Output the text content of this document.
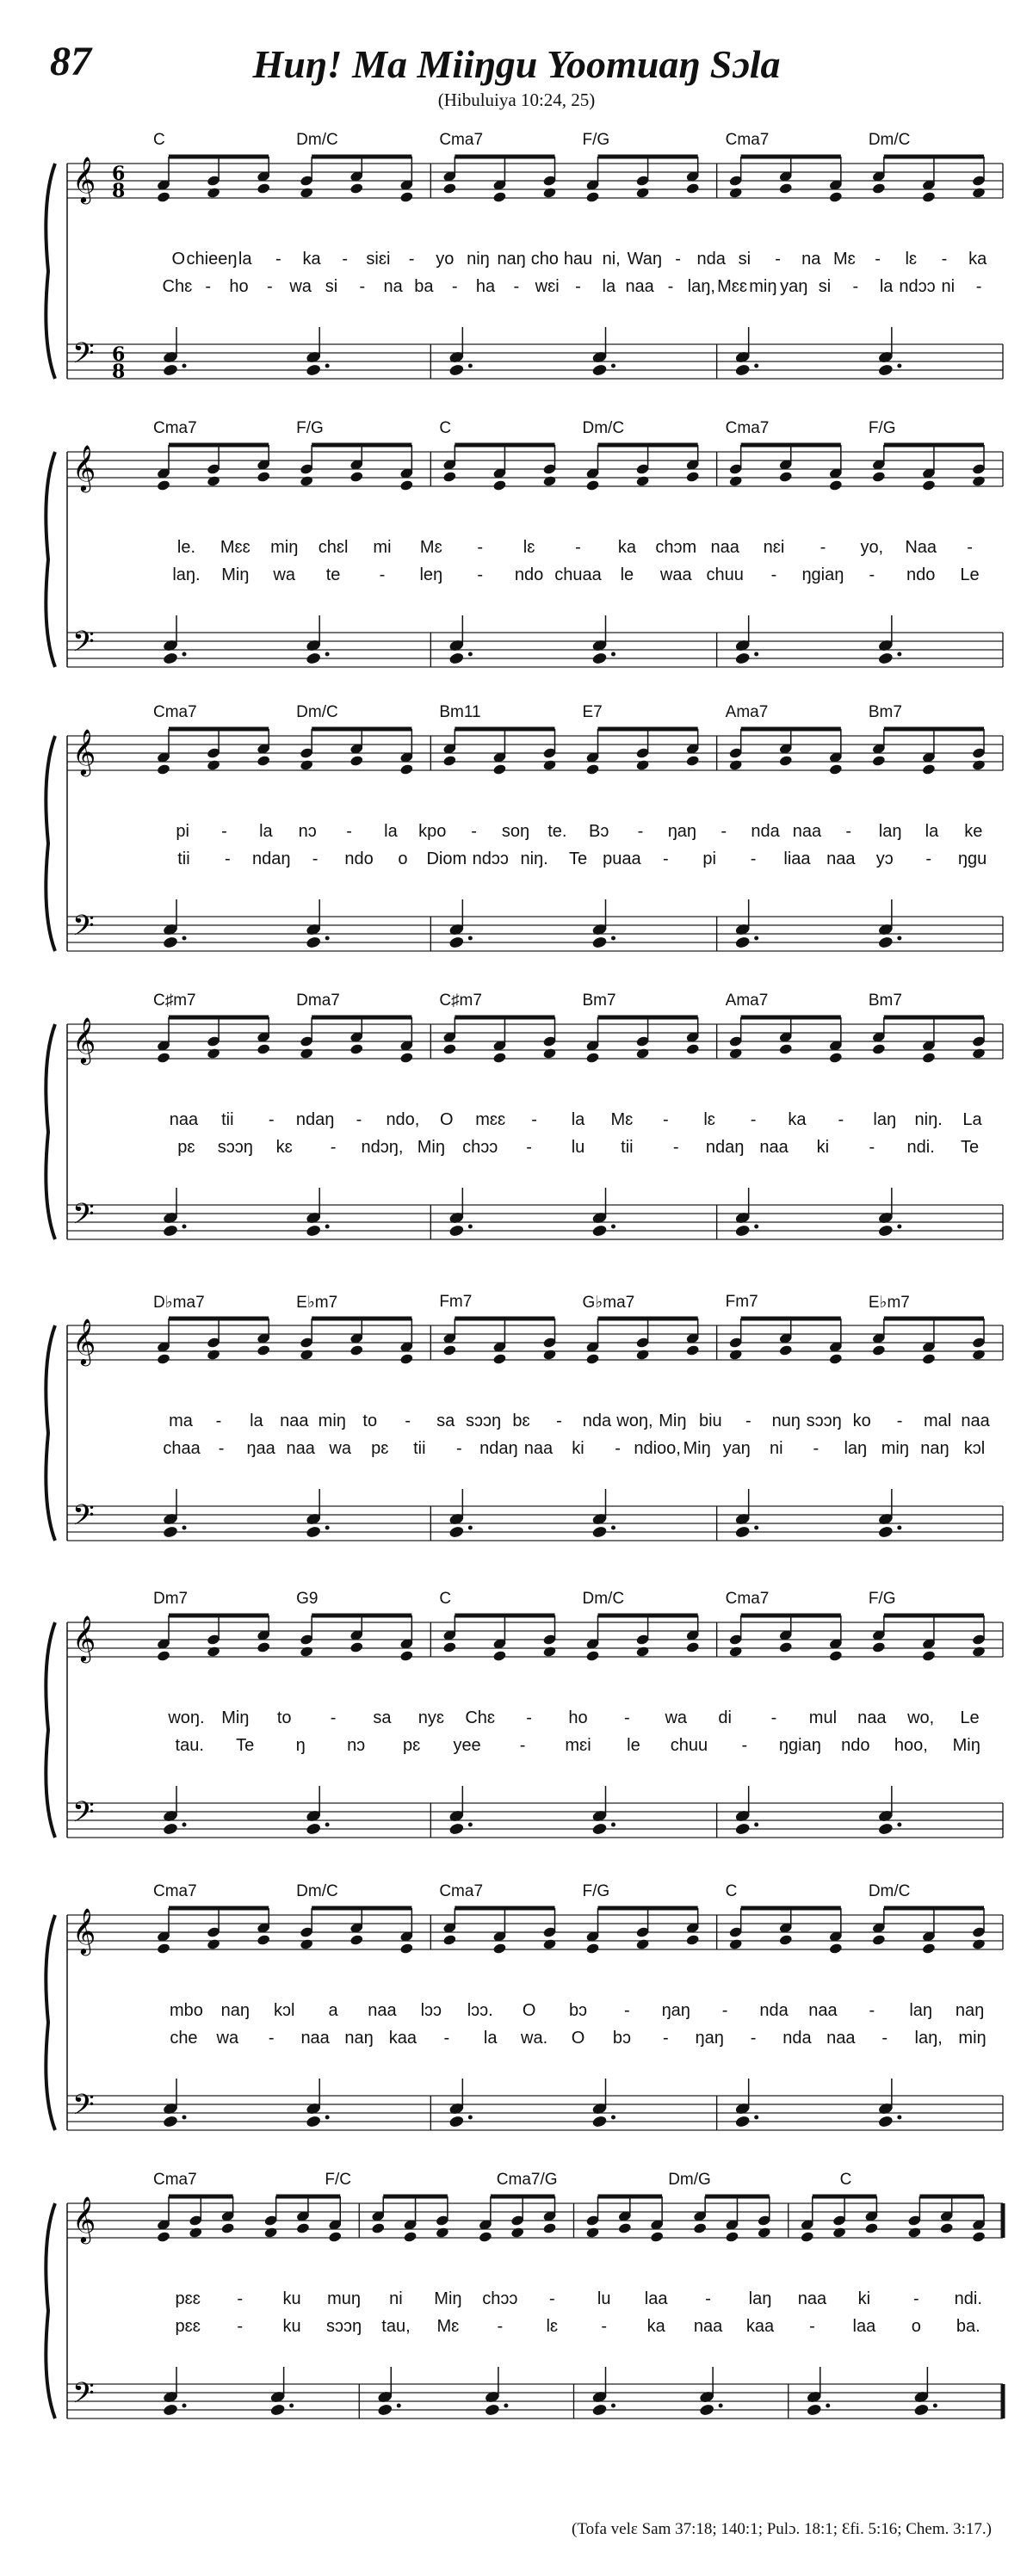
87	Huŋ! Ma Miiŋgu Yoomuaŋ Sɔla
(Hibuluiya 10:24, 25)
𝄞
𝄢
6
8
6
8
C	Dm/C	Cma7	F/G	Cma7	Dm/C
O chieeŋ la - ka - siɛi - yo niŋ naŋ cho hau ni, Waŋ - nda si - na Mɛ - lɛ - ka
Chɛ - ho - wa si - na ba - ha - wɛi - la naa - laŋ, Mɛɛ miŋ yaŋ si - la ndɔɔ ni -
𝄞
𝄢
Cma7	F/G	C	Dm/C	Cma7	F/G
le. Mɛɛ miŋ chɛl mi Mɛ - lɛ - ka chɔm naa nɛi - yo, Naa -
laŋ. Miŋ wa te - leŋ - ndo chuaa le waa chuu - ŋgiaŋ - ndo Le
𝄞
𝄢
Cma7	Dm/C	Bm11	E7	Ama7	Bm7
pi - la nɔ - la kpo - soŋ te. Bɔ - ŋaŋ - nda naa - laŋ la ke
tii - ndaŋ - ndo o Diom ndɔɔ niŋ. Te puaa - pi - liaa naa yɔ - ŋgu
𝄞
𝄢
C♯m7	Dma7	C♯m7	Bm7	Ama7	Bm7
naa tii - ndaŋ - ndo, O mɛɛ - la Mɛ - lɛ - ka - laŋ niŋ. La
pɛ sɔɔŋ kɛ - ndɔŋ, Miŋ chɔɔ - lu tii - ndaŋ naa ki - ndi. Te
𝄞
𝄢
D♭ma7	E♭m7	Fm7	G♭ma7	Fm7	E♭m7
ma - la naa miŋ to - sa sɔɔŋ bɛ - nda woŋ, Miŋ biu - nuŋ sɔɔŋ ko - mal naa
chaa - ŋaa naa wa pɛ tii - ndaŋ naa ki - ndioo, Miŋ yaŋ ni - laŋ miŋ naŋ kɔl
𝄞
𝄢
Dm7	G9	C	Dm/C	Cma7	F/G
woŋ. Miŋ to - sa nyɛ Chɛ - ho - wa di - mul naa wo, Le
tau. Te ŋ nɔ pɛ yee - mɛi le chuu - ŋgiaŋ ndo hoo, Miŋ
𝄞
𝄢
Cma7	Dm/C	Cma7	F/G	C	Dm/C
mbo naŋ kɔl a naa lɔɔ lɔɔ. O bɔ - ŋaŋ - nda naa - laŋ naŋ
che wa - naa naŋ kaa - la wa. O bɔ - ŋaŋ - nda naa - laŋ, miŋ
𝄞
𝄢
Cma7	F/C	Cma7/G	Dm/G	C
pɛɛ - ku muŋ ni Miŋ chɔɔ - lu laa - laŋ naa ki - ndi.
pɛɛ - ku sɔɔŋ tau, Mɛ -	lɛ	- ka naa kaa - laa o ba.
(Tofa velɛ Sam 37:18; 140:1; Pulɔ. 18:1; Ɛfi. 5:16; Chem. 3:17.)
